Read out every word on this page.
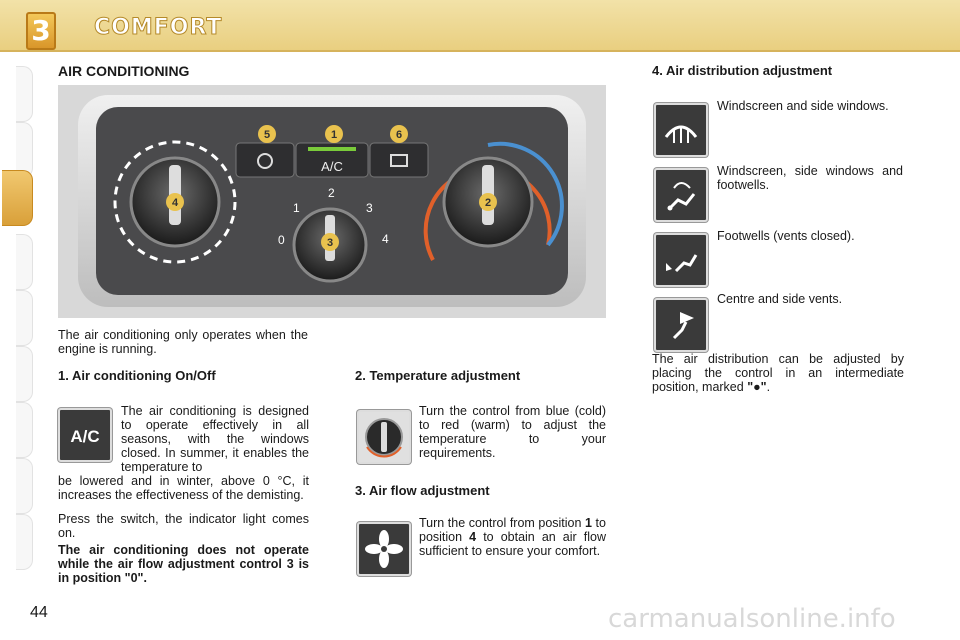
3 COMFORT
AIR CONDITIONING
A/C
0
1
2
3
4
5	1	6
4	2
3
The air conditioning only operates when the engine is running.
1. Air conditioning On/Off
A/C
The air conditioning is designed to operate effectively in all seasons, with the windows closed. In summer, it enables the temperature to
be lowered and in winter, above 0 °C, it increases the effectiveness of the demisting.
Press the switch, the indicator light comes on.
The air conditioning does not operate while the air flow adjustment control 3 is in position "0".
2. Temperature adjustment
Turn the control from blue (cold) to red (warm) to adjust the temperature to your requirements.
3. Air flow adjustment
Turn the control from position 1 to position 4 to obtain an air flow sufficient to ensure your comfort.
4. Air distribution adjustment
Windscreen and side windows.
Windscreen, side windows and footwells.
Footwells (vents closed).
Centre and side vents.
The air distribution can be adjusted by placing the control in an intermediate position, marked "●".
44	carmanualsonline.info
